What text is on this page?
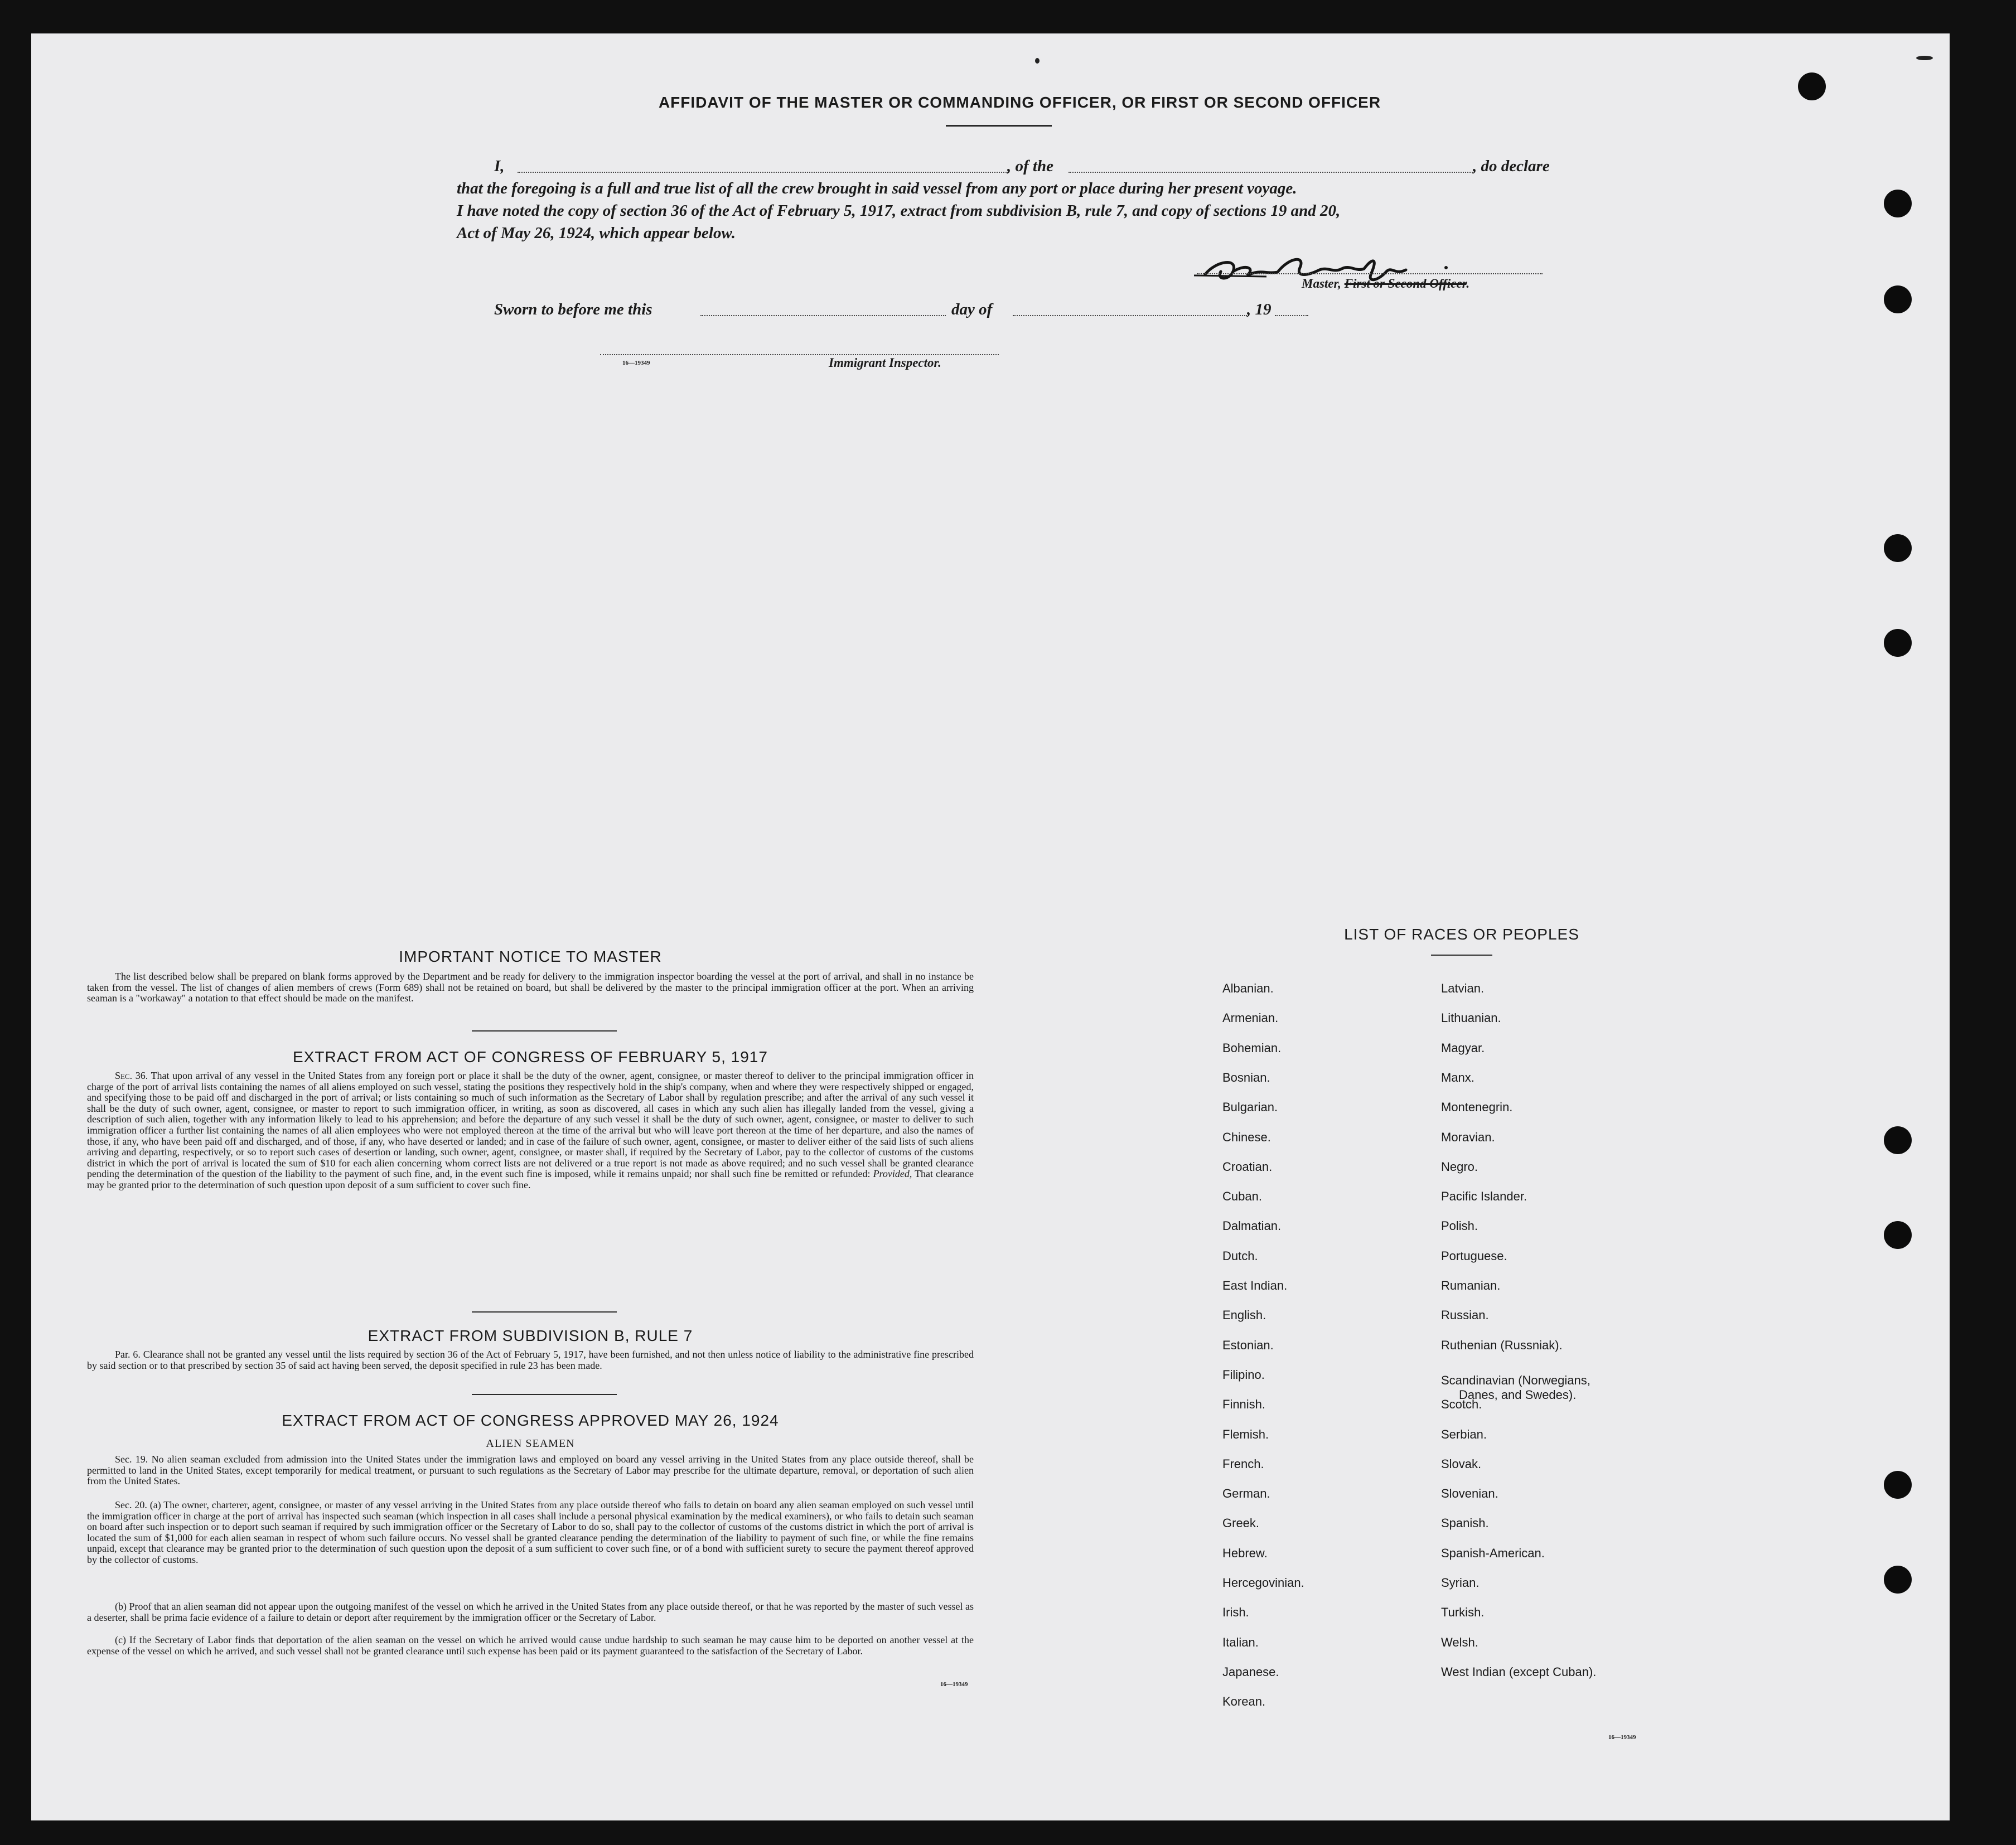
AFFIDAVIT OF THE MASTER OR COMMANDING OFFICER, OR FIRST OR SECOND OFFICER
I,	, of the	, do declare
that the foregoing is a full and true list of all the crew brought in said vessel from any port or place during her present voyage.
I have noted the copy of section 36 of the Act of February 5, 1917, extract from subdivision B, rule 7, and copy of sections 19 and 20,
Act of May 26, 1924, which appear below.
Master, First or Second Officer.
Sworn to before me this	day of	, 19
16—19349	Immigrant Inspector.
IMPORTANT NOTICE TO MASTER

The list described below shall be prepared on blank forms approved by the Department and be ready for delivery to the immigration inspector boarding the vessel at the port of arrival, and shall in no instance be taken from the vessel. The list of changes of alien members of crews (Form 689) shall not be retained on board, but shall be delivered by the master to the principal immigration officer at the port. When an arriving seaman is a "workaway" a notation to that effect should be made on the manifest.

EXTRACT FROM ACT OF CONGRESS OF FEBRUARY 5, 1917

Sec. 36. That upon arrival of any vessel in the United States from any foreign port or place it shall be the duty of the owner, agent, consignee, or master thereof to deliver to the principal immigration officer in charge of the port of arrival lists containing the names of all aliens employed on such vessel, stating the positions they respectively hold in the ship's company, when and where they were respectively shipped or engaged, and specifying those to be paid off and discharged in the port of arrival; or lists containing so much of such information as the Secretary of Labor shall by regulation prescribe; and after the arrival of any such vessel it shall be the duty of such owner, agent, consignee, or master to report to such immigration officer, in writing, as soon as discovered, all cases in which any such alien has illegally landed from the vessel, giving a description of such alien, together with any information likely to lead to his apprehension; and before the departure of any such vessel it shall be the duty of such owner, agent, consignee, or master to deliver to such immigration officer a further list containing the names of all alien employees who were not employed thereon at the time of the arrival but who will leave port thereon at the time of her departure, and also the names of those, if any, who have been paid off and discharged, and of those, if any, who have deserted or landed; and in case of the failure of such owner, agent, consignee, or master to deliver either of the said lists of such aliens arriving and departing, respectively, or so to report such cases of desertion or landing, such owner, agent, consignee, or master shall, if required by the Secretary of Labor, pay to the collector of customs of the customs district in which the port of arrival is located the sum of $10 for each alien concerning whom correct lists are not delivered or a true report is not made as above required; and no such vessel shall be granted clearance pending the determination of the question of the liability to the payment of such fine, and, in the event such fine is imposed, while it remains unpaid; nor shall such fine be remitted or refunded: Provided, That clearance may be granted prior to the determination of such question upon deposit of a sum sufficient to cover such fine.

EXTRACT FROM SUBDIVISION B, RULE 7

Par. 6. Clearance shall not be granted any vessel until the lists required by section 36 of the Act of February 5, 1917, have been furnished, and not then unless notice of liability to the administrative fine prescribed by said section or to that prescribed by section 35 of said act having been served, the deposit specified in rule 23 has been made.

EXTRACT FROM ACT OF CONGRESS APPROVED MAY 26, 1924
ALIEN SEAMEN

Sec. 19. No alien seaman excluded from admission into the United States under the immigration laws and employed on board any vessel arriving in the United States from any place outside thereof, shall be permitted to land in the United States, except temporarily for medical treatment, or pursuant to such regulations as the Secretary of Labor may prescribe for the ultimate departure, removal, or deportation of such alien from the United States.

Sec. 20. (a) The owner, charterer, agent, consignee, or master of any vessel arriving in the United States from any place outside thereof who fails to detain on board any alien seaman employed on such vessel until the immigration officer in charge at the port of arrival has inspected such seaman (which inspection in all cases shall include a personal physical examination by the medical examiners), or who fails to detain such seaman on board after such inspection or to deport such seaman if required by such immigration officer or the Secretary of Labor to do so, shall pay to the collector of customs of the customs district in which the port of arrival is located the sum of $1,000 for each alien seaman in respect of whom such failure occurs. No vessel shall be granted clearance pending the determination of the liability to payment of such fine, or while the fine remains unpaid, except that clearance may be granted prior to the determination of such question upon the deposit of a sum sufficient to cover such fine, or of a bond with sufficient surety to secure the payment thereof approved by the collector of customs.

(b) Proof that an alien seaman did not appear upon the outgoing manifest of the vessel on which he arrived in the United States from any place outside thereof, or that he was reported by the master of such vessel as a deserter, shall be prima facie evidence of a failure to detain or deport after requirement by the immigration officer or the Secretary of Labor.

(c) If the Secretary of Labor finds that deportation of the alien seaman on the vessel on which he arrived would cause undue hardship to such seaman he may cause him to be deported on another vessel at the expense of the vessel on which he arrived, and such vessel shall not be granted clearance until such expense has been paid or its payment guaranteed to the satisfaction of the Secretary of Labor.

16—19349
LIST OF RACES OR PEOPLES
16—19349
Albanian.
Armenian.
Bohemian.
Bosnian.
Bulgarian.
Chinese.
Croatian.
Cuban.
Dalmatian.
Dutch.
East Indian.
English.
Estonian.
Filipino.
Finnish.
Flemish.
French.
German.
Greek.
Hebrew.
Hercegovinian.
Irish.
Italian.
Japanese.
Korean.
Latvian.
Lithuanian.
Magyar.
Manx.
Montenegrin.
Moravian.
Negro.
Pacific Islander.
Polish.
Portuguese.
Rumanian.
Russian.
Ruthenian (Russniak).
Scandinavian (Norwegians,
Danes, and Swedes).
Scotch.
Serbian.
Slovak.
Slovenian.
Spanish.
Spanish-American.
Syrian.
Turkish.
Welsh.
West Indian (except Cuban).
